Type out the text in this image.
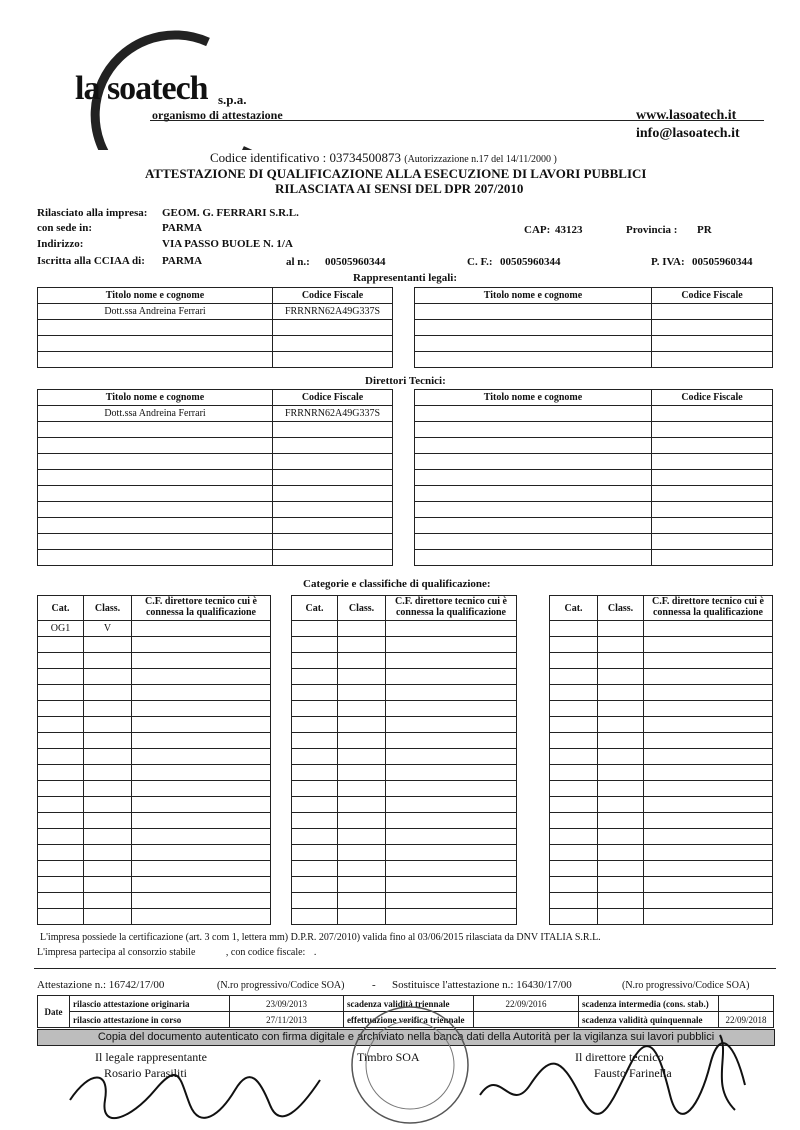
la soatech s.p.a.
organismo di attestazione	www.lasoatech.it
info@lasoatech.it
Codice identificativo : 03734500873 (Autorizzazione n.17 del 14/11/2000 )
ATTESTAZIONE DI QUALIFICAZIONE ALLA ESECUZIONE DI LAVORI PUBBLICI
RILASCIATA AI SENSI DEL DPR 207/2010
Rilasciato alla impresa: GEOM. G. FERRARI S.R.L.
con sede in:	PARMA	CAP: 43123	Provincia : PR
Indirizzo:	VIA PASSO BUOLE N. 1/A
Iscritta alla CCIAA di: PARMA	al n.: 00505960344	C. F.: 00505960344	P. IVA: 00505960344
Rappresentanti legali:
Titolo nome e cognome	Codice Fiscale
Dott.ssa Andreina Ferrari	FRRNRN62A49G337S

Titolo nome e cognome	Codice Fiscale

Direttori Tecnici:
Titolo nome e cognome	Codice Fiscale
Dott.ssa Andreina Ferrari	FRRNRN62A49G337S

Titolo nome e cognome	Codice Fiscale

Categorie e classifiche di qualificazione:
Cat.	Class.	C.F. direttore tecnico cui è connessa la qualificazione
OG1	V	

Cat.	Class.	C.F. direttore tecnico cui è connessa la qualificazione

			Cat.	Class.	C.F. direttore tecnico cui è connessa la qualificazione

L'impresa possiede la certificazione (art. 3 com 1, lettera mm) D.P.R. 207/2010) valida fino al 03/06/2015 rilasciata da DNV ITALIA S.R.L.
L'impresa partecipa al consorzio stabile	, con codice fiscale: .
Attestazione n.: 16742/17/00	(N.ro progressivo/Codice SOA)	- Sostituisce l'attestazione n.: 16430/17/00	(N.ro progressivo/Codice SOA)
Date	rilascio attestazione originaria	23/09/2013	scadenza validità triennale	22/09/2016	scadenza intermedia (cons. stab.)	
	rilascio attestazione in corso	27/11/2013	effettuazione verifica triennale		scadenza validità quinquennale	22/09/2018
Copia del documento autenticato con firma digitale e archiviato nella banca dati della Autorità per la vigilanza sui lavori pubblici
Il legale rappresentante
Rosario Parasiliti
Timbro SOA	Il direttore tecnico
Fausto Farinella
